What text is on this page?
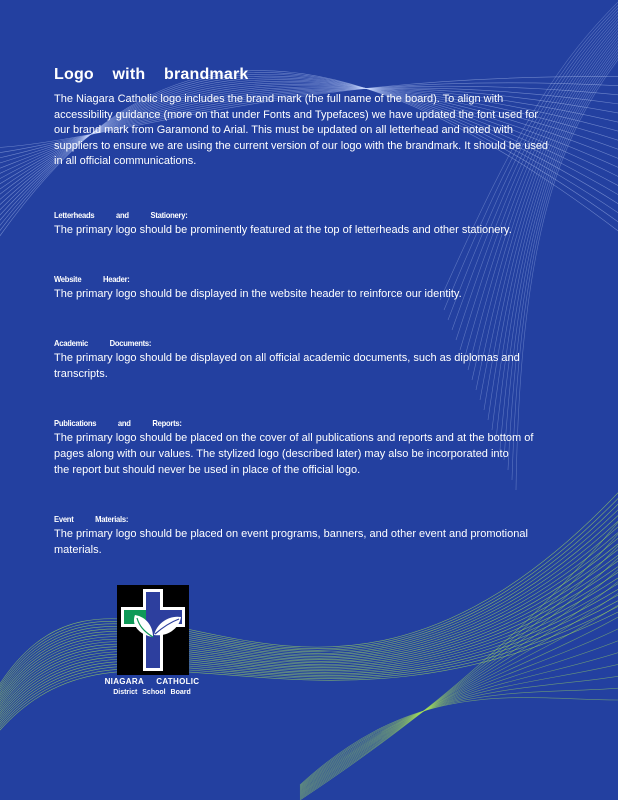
Logo with brandmark

The Niagara Catholic logo includes the brand mark (the full name of the board). To align with accessibility guidance (more on that under Fonts and Typefaces) we have updated the font used for our brand mark from Garamond to Arial. This must be updated on all letterhead and noted with suppliers to ensure we are using the current version of our logo with the brandmark. It should be used in all official communications.

Letterheads and Stationery:

The primary logo should be prominently featured at the top of letterheads and other stationery.

Website Header:

The primary logo should be displayed in the website header to reinforce our identity.

Academic Documents:

The primary logo should be displayed on all official academic documents, such as diplomas and transcripts.

Publications and Reports:

The primary logo should be placed on the cover of all publications and reports and at the bottom of pages along with our values. The stylized logo (described later) may also be incorporated into

the report but should never be used in place of the official logo.

Event Materials:

The primary logo should be placed on event programs, banners, and other event and promotional materials.

NIAGARA CATHOLIC
District School Board
